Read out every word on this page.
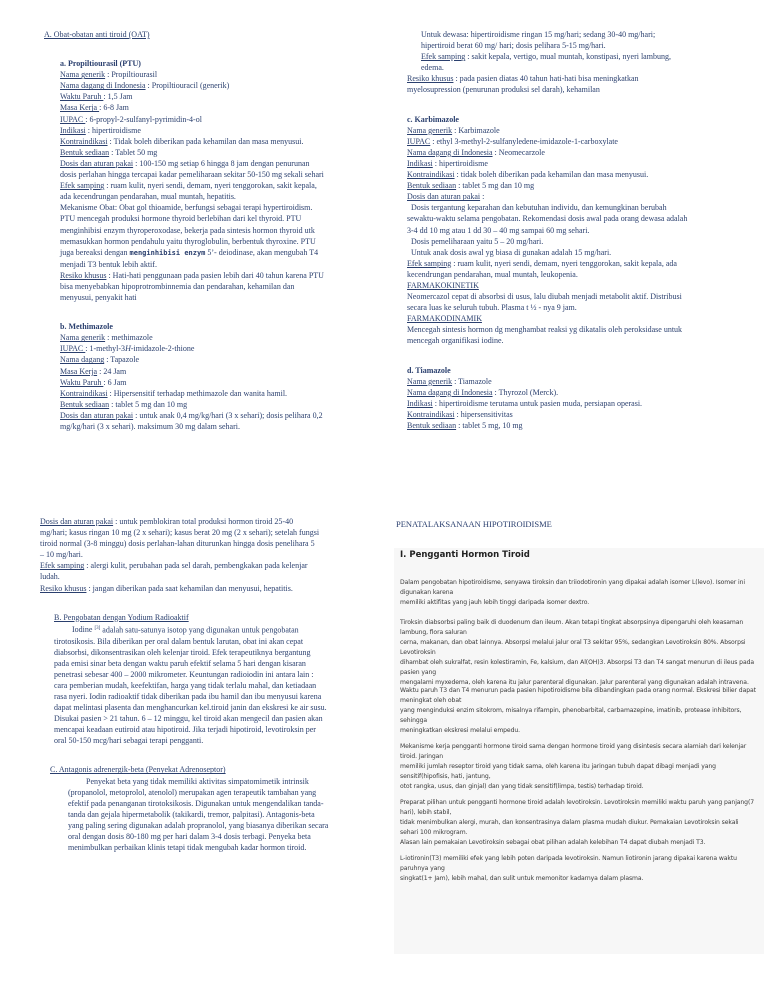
A. Obat-obatan anti tiroid (OAT)

a. Propiltiourasil (PTU)

Nama generik : Propiltiourasil

Nama dagang di Indonesia : Propiltiouracil (generik)

Waktu Paruh : 1,5 Jam

Masa Kerja : 6-8 Jam

IUPAC : 6-propyl-2-sulfanyl-pyrimidin-4-ol

Indikasi : hipertiroidisme

Kontraindikasi : Tidak boleh diberikan pada kehamilan dan masa menyusui.

Bentuk sediaan : Tablet 50 mg

Dosis dan aturan pakai : 100-150 mg setiap 6 hingga 8 jam dengan penurunan

dosis perlahan hingga tercapai kadar pemeliharaan sekitar 50-150 mg sekali sehari

Efek samping : ruam kulit, nyeri sendi, demam, nyeri tenggorokan, sakit kepala,

ada kecendrungan pendarahan, mual muntah, hepatitis.

Mekanisme Obat: Obat gol thioamide, berfungsi sebagai terapi hypertiroidism.

PTU mencegah produksi hormone thyroid berlebihan dari kel thyroid. PTU

menginhibisi enzym thyroperoxodase, bekerja pada sintesis hormon thyroid utk

memasukkan hormon pendahulu yaitu thyroglobulin, berbentuk thyroxine. PTU

juga bereaksi dengan menginhibisi enzym 5’- deiodinase, akan mengubah T4

menjadi T3 bentuk lebih aktif.

Resiko khusus : Hati-hati penggunaan pada pasien lebih dari 40 tahun karena PTU

bisa menyebabkan hipoprotrombinnemia dan pendarahan, kehamilan dan

menyusui, penyakit hati

b. Methimazole

Nama generik : methimazole

IUPAC : 1-methyl-3H-imidazole-2-thione

Nama dagang : Tapazole

Masa Kerja : 24 Jam

Waktu Paruh : 6 Jam

Kontraindikasi : Hipersensitif terhadap methimazole dan wanita hamil.

Bentuk sediaan : tablet 5 mg dan 10 mg

Dosis dan aturan pakai : untuk anak 0,4 mg/kg/hari (3 x sehari); dosis pelihara 0,2

mg/kg/hari (3 x sehari). maksimum 30 mg dalam sehari.

Untuk dewasa: hipertiroidisme ringan 15 mg/hari; sedang 30-40 mg/hari;

hipertiroid berat 60 mg/ hari; dosis pelihara 5-15 mg/hari.

Efek samping : sakit kepala, vertigo, mual muntah, konstipasi, nyeri lambung,

edema.

Resiko khusus : pada pasien diatas 40 tahun hati-hati bisa meningkatkan

myelosupression (penurunan produksi sel darah), kehamilan

c. Karbimazole

Nama generik : Karbimazole

IUPAC : ethyl 3-methyl-2-sulfanyledene-imidazole-1-carboxylate

Nama dagang di Indonesia : Neomecarzole

Indikasi : hipertiroidisme

Kontraindikasi : tidak boleh diberikan pada kehamilan dan masa menyusui.

Bentuk sediaan : tablet 5 mg dan 10 mg

Dosis dan aturan pakai :

Dosis tergantung keparahan dan kebutuhan individu, dan kemungkinan berubah

sewaktu-waktu selama pengobatan. Rekomendasi dosis awal pada orang dewasa adalah

3-4 dd 10 mg atau 1 dd 30 – 40 mg sampai 60 mg sehari.

Dosis pemeliharaan yaitu 5 – 20 mg/hari.

Untuk anak dosis awal yg biasa di gunakan adalah 15 mg/hari.

Efek samping : ruam kulit, nyeri sendi, demam, nyeri tenggorokan, sakit kepala, ada

kecendrungan pendarahan, mual muntah, leukopenia.

FARMAKOKINETIK

Neomercazol cepat di absorbsi di usus, lalu diubah menjadi metabolit aktif. Distribusi

secara luas ke seluruh tubuh. Plasma t ½ - nya 9 jam.

FARMAKODINAMIK

Mencegah sintesis hormon dg menghambat reaksi yg dikatalis oleh peroksidase untuk

mencegah organifikasi iodine.

d. Tiamazole

Nama generik : Tiamazole

Nama dagang di Indonesia : Thyrozol (Merck).

Indikasi : hipertiroidisme terutama untuk pasien muda, persiapan operasi.

Kontraindikasi : hipersensitivitas

Bentuk sediaan : tablet 5 mg, 10 mg

Dosis dan aturan pakai : untuk pemblokiran total produksi hormon tiroid 25-40

mg/hari; kasus ringan 10 mg (2 x sehari); kasus berat 20 mg (2 x sehari); setelah fungsi

tiroid normal (3-8 minggu) dosis perlahan-lahan diturunkan hingga dosis penelihara 5

– 10 mg/hari.

Efek samping : alergi kulit, perubahan pada sel darah, pembengkakan pada kelenjar

ludah.

Resiko khusus : jangan diberikan pada saat kehamilan dan menyusui, hepatitis.

B. Pengobatan dengan Yodium Radioaktif

Iodine [3] adalah satu-satunya isotop yang digunakan untuk pengobatan

tirotosikosis. Bila diberikan per oral dalam bentuk larutan, obat ini akan cepat

diabsorbsi, dikonsentrasikan oleh kelenjar tiroid. Efek terapeutiknya bergantung

pada emisi sinar beta dengan waktu paruh efektif selama 5 hari dengan kisaran

penetrasi sebesar 400 – 2000 mikrometer. Keuntungan radioiodin ini antara lain :

cara pemberian mudah, keefektifan, harga yang tidak terlalu mahal, dan ketiadaan

rasa nyeri. Iodin radioaktif tidak diberikan pada ibu hamil dan ibu menyusui karena

dapat melintasi plasenta dan menghancurkan kel.tiroid janin dan ekskresi ke air susu.

Disukai pasien > 21 tahun. 6 – 12 minggu, kel tiroid akan mengecil dan pasien akan

mencapai keadaan eutiroid atau hipotiroid. Jika terjadi hipotiroid, levotiroksin per

oral 50-150 mcg/hari sebagai terapi pengganti.

C. Antagonis adrenergik-beta (Penyekat Adrenoseptor)

Penyekat beta yang tidak memiliki aktivitas simpatomimetik intrinsik

(propanolol, metoprolol, atenolol) merupakan agen terapeutik tambahan yang

efektif pada penanganan tirotoksikosis. Digunakan untuk mengendalikan tanda-

tanda dan gejala hipermetabolik (takikardi, tremor, palpitasi). Antagonis-beta

yang paling sering digunakan adalah propranolol, yang biasanya diberikan secara

oral dengan dosis 80-180 mg per hari dalam 3-4 dosis terbagi. Penyeka beta

menimbulkan perbaikan klinis tetapi tidak mengubah kadar hormon tiroid.

PENATALAKSANAAN HIPOTIROIDISME

I. Pengganti Hormon Tiroid
Dalam pengobatan hipotiroidisme, senyawa tiroksin dan triiodotironin yang dipakai adalah isomer L(levo). Isomer ini digunakan karena
memiliki aktifitas yang jauh lebih tinggi daripada isomer dextro.
Tiroksin diabsorbsi paling baik di duodenum dan ileum. Akan tetapi tingkat absorpsinya dipengaruhi oleh keasaman lambung, flora saluran
cerna, makanan, dan obat lainnya. Absorpsi melalui jalur oral T3 sekitar 95%, sedangkan Levotiroksin 80%. Absorpsi Levotiroksin
dihambat oleh sukralfat, resin kolestiramin, Fe, kalsium, dan Al(OH)3. Absorpsi T3 dan T4 sangat menurun di ileus pada pasien yang
mengalami myxedema, oleh karena itu jalur parenteral digunakan. Jalur parenteral yang digunakan adalah intravena.
Waktu paruh T3 dan T4 menurun pada pasien hipotiroidisme bila dibandingkan pada orang normal. Ekskresi bilier dapat meningkat oleh obat
yang menginduksi enzim sitokrom, misalnya rifampin, phenobarbital, carbamazepine, imatinib, protease inhibitors, sehingga
meningkatkan ekskresi melalui empedu.
Mekanisme kerja pengganti hormone tiroid sama dengan hormone tiroid yang disintesis secara alamiah dari kelenjar tiroid. Jaringan
memiliki jumlah reseptor tiroid yang tidak sama, oleh karena itu jaringan tubuh dapat dibagi menjadi yang sensitif(hipofisis, hati, jantung,
otot rangka, usus, dan ginjal) dan yang tidak sensitif(limpa, testis) terhadap tiroid.
Preparat pilihan untuk pengganti hormone tiroid adalah levotiroksin. Levotiroksin memiliki waktu paruh yang panjang(7 hari), lebih stabil,
tidak menimbulkan alergi, murah, dan konsentrasinya dalam plasma mudah diukur. Pemakaian Levotiroksin sekali sehari 100 mikrogram.
Alasan lain pemakaian Levotiroksin sebagai obat pilihan adalah kelebihan T4 dapat diubah menjadi T3.
L-iotironin(T3) memiliki efek yang lebih poten daripada levotiroksin. Namun liotironin jarang dipakai karena waktu paruhnya yang
singkat(1+ Jam), lebih mahal, dan sulit untuk memonitor kadarnya dalam plasma.
